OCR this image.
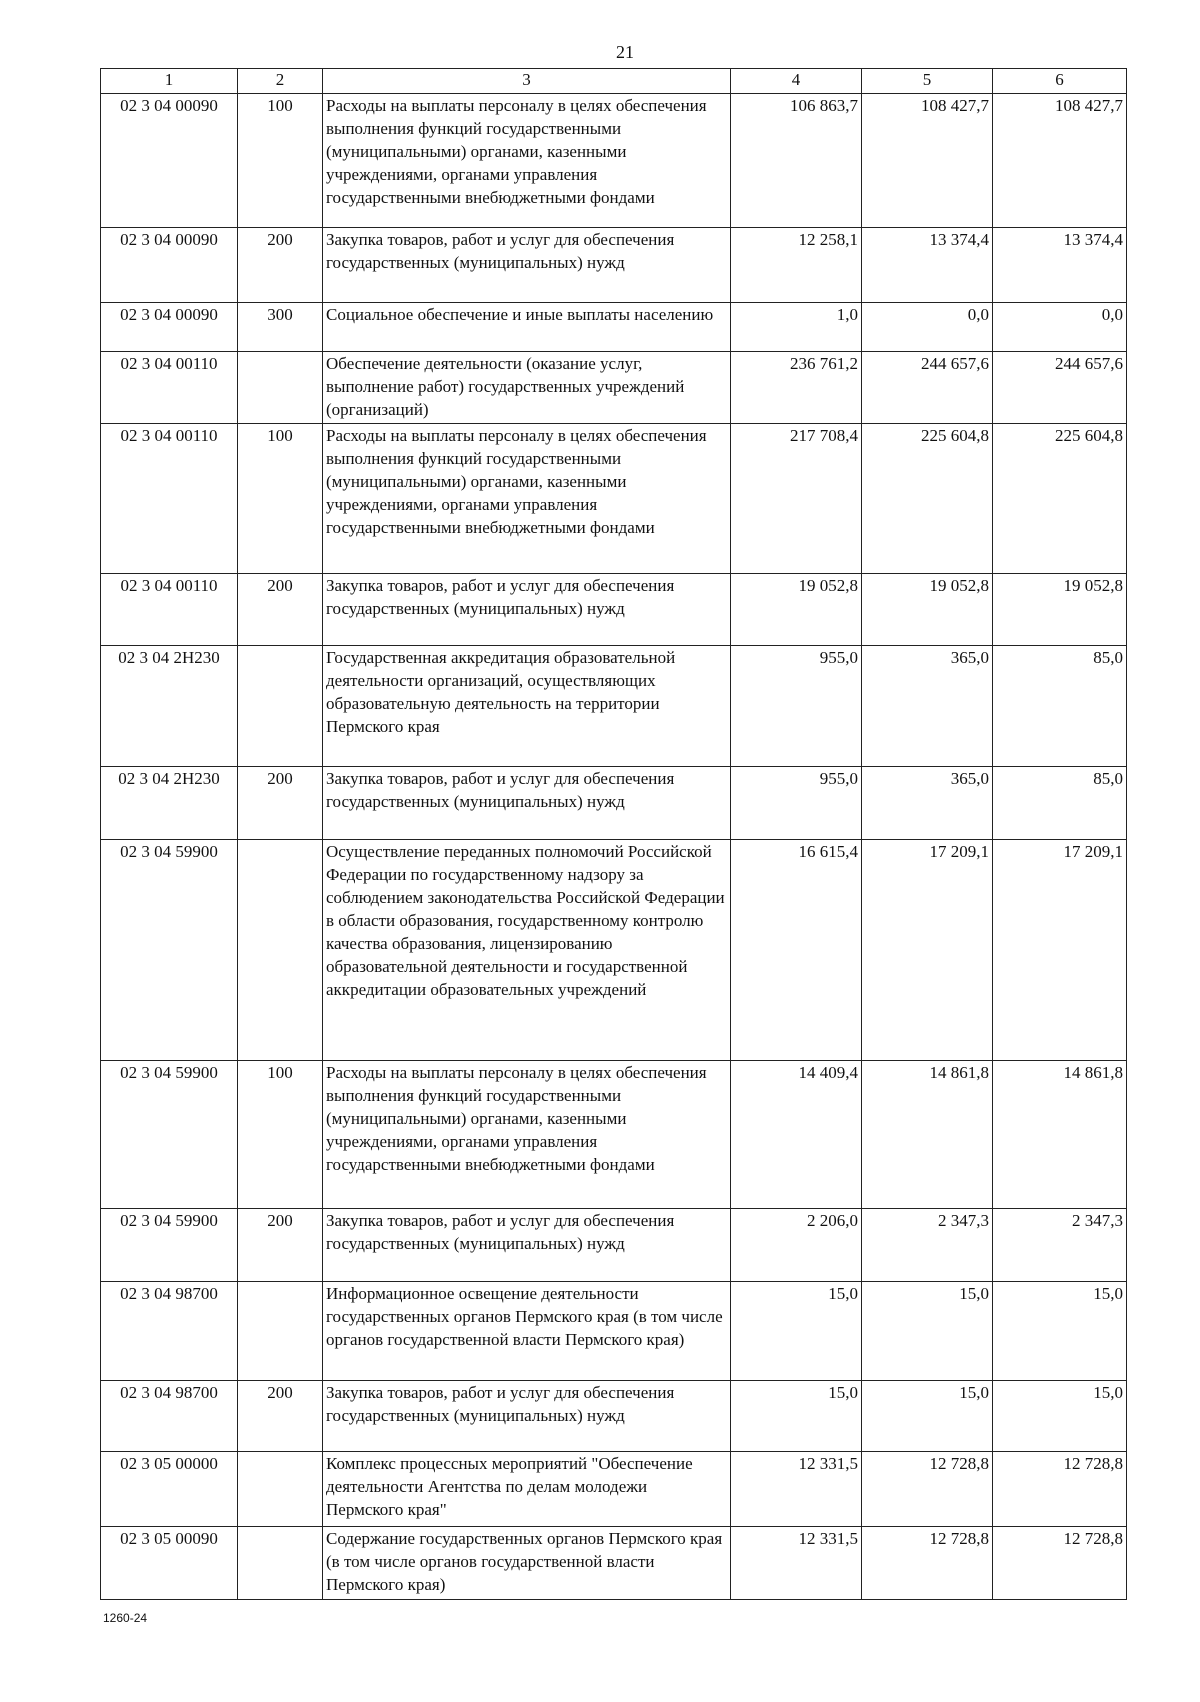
21
1	2	3	4	5	6
02 3 04 00090	100	Расходы на выплаты персоналу в целях обеспечения выполнения функций государственными (муниципальными) органами, казенными учреждениями, органами управления государственными внебюджетными фондами	106 863,7	108 427,7	108 427,7
02 3 04 00090	200	Закупка товаров, работ и услуг для обеспечения государственных (муниципальных) нужд	12 258,1	13 374,4	13 374,4
02 3 04 00090	300	Социальное обеспечение и иные выплаты населению	1,0	0,0	0,0
02 3 04 00110		Обеспечение деятельности (оказание услуг, выполнение работ) государственных учреждений (организаций)	236 761,2	244 657,6	244 657,6
02 3 04 00110	100	Расходы на выплаты персоналу в целях обеспечения выполнения функций государственными (муниципальными) органами, казенными учреждениями, органами управления государственными внебюджетными фондами	217 708,4	225 604,8	225 604,8
02 3 04 00110	200	Закупка товаров, работ и услуг для обеспечения государственных (муниципальных) нужд	19 052,8	19 052,8	19 052,8
02 3 04 2Н230		Государственная аккредитация образовательной деятельности организаций, осуществляющих образовательную деятельность на территории Пермского края	955,0	365,0	85,0
02 3 04 2Н230	200	Закупка товаров, работ и услуг для обеспечения государственных (муниципальных) нужд	955,0	365,0	85,0
02 3 04 59900		Осуществление переданных полномочий Российской Федерации по государственному надзору за соблюдением законодательства Российской Федерации в области образования, государственному контролю качества образования, лицензированию образовательной деятельности и государственной аккредитации образовательных учреждений	16 615,4	17 209,1	17 209,1
02 3 04 59900	100	Расходы на выплаты персоналу в целях обеспечения выполнения функций государственными (муниципальными) органами, казенными учреждениями, органами управления государственными внебюджетными фондами	14 409,4	14 861,8	14 861,8
02 3 04 59900	200	Закупка товаров, работ и услуг для обеспечения государственных (муниципальных) нужд	2 206,0	2 347,3	2 347,3
02 3 04 98700		Информационное освещение деятельности государственных органов Пермского края (в том числе органов государственной власти Пермского края)	15,0	15,0	15,0
02 3 04 98700	200	Закупка товаров, работ и услуг для обеспечения государственных (муниципальных) нужд	15,0	15,0	15,0
02 3 05 00000		Комплекс процессных мероприятий "Обеспечение деятельности Агентства по делам молодежи Пермского края"	12 331,5	12 728,8	12 728,8
02 3 05 00090		Содержание государственных органов Пермского края (в том числе органов государственной власти Пермского края)	12 331,5	12 728,8	12 728,8
1260-24
